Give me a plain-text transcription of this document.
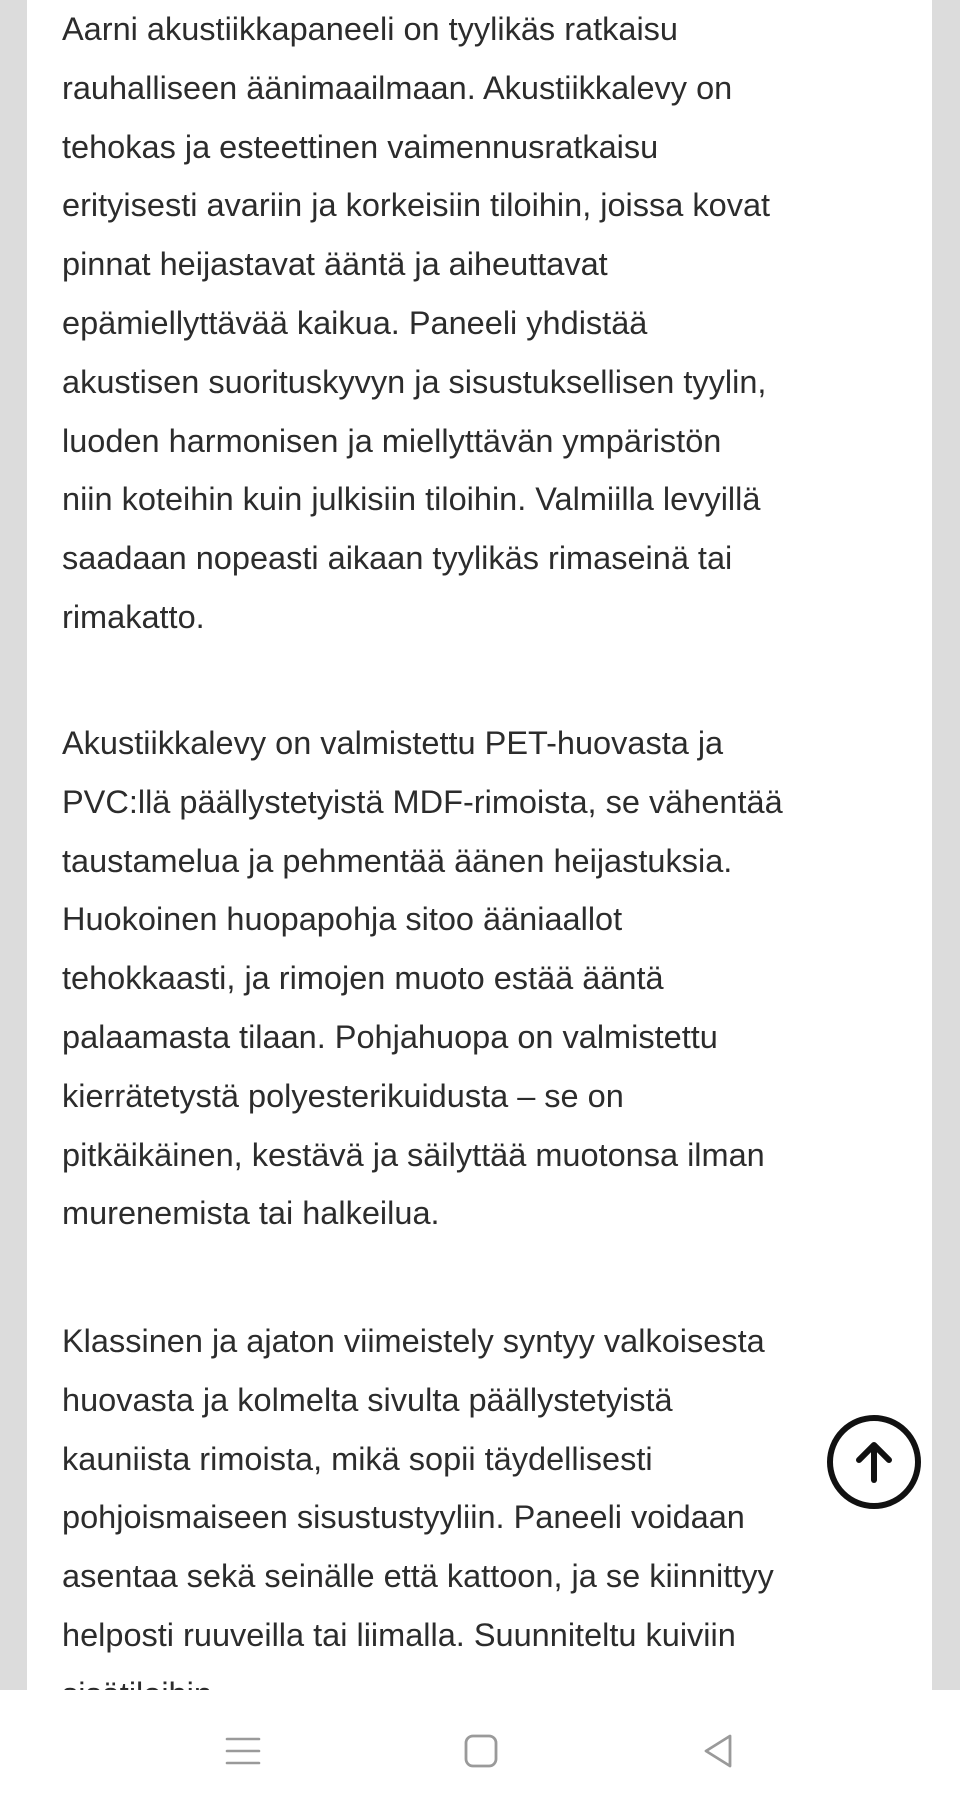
Aarni akustiikkapaneeli on tyylikäs ratkaisu

rauhalliseen äänimaailmaan. Akustiikkalevy on

tehokas ja esteettinen vaimennusratkaisu

erityisesti avariin ja korkeisiin tiloihin, joissa kovat

pinnat heijastavat ääntä ja aiheuttavat

epämiellyttävää kaikua. Paneeli yhdistää

akustisen suorituskyvyn ja sisustuksellisen tyylin,

luoden harmonisen ja miellyttävän ympäristön

niin koteihin kuin julkisiin tiloihin. Valmiilla levyillä

saadaan nopeasti aikaan tyylikäs rimaseinä tai

rimakatto.

Akustiikkalevy on valmistettu PET-huovasta ja

PVC:llä päällystetyistä MDF-rimoista, se vähentää

taustamelua ja pehmentää äänen heijastuksia.

Huokoinen huopapohja sitoo ääniaallot

tehokkaasti, ja rimojen muoto estää ääntä

palaamasta tilaan. Pohjahuopa on valmistettu

kierrätetystä polyesterikuidusta – se on

pitkäikäinen, kestävä ja säilyttää muotonsa ilman

murenemista tai halkeilua.

Klassinen ja ajaton viimeistely syntyy valkoisesta

huovasta ja kolmelta sivulta päällystetyistä

kauniista rimoista, mikä sopii täydellisesti

pohjoismaiseen sisustustyyliin. Paneeli voidaan

asentaa sekä seinälle että kattoon, ja se kiinnittyy

helposti ruuveilla tai liimalla. Suunniteltu kuiviin
